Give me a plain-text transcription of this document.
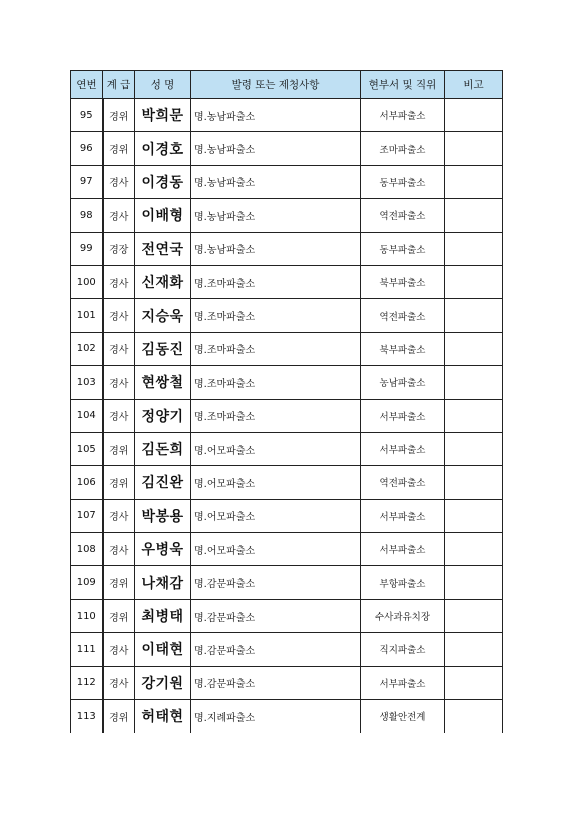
연번	계 급	성 명	발령 또는 제청사항	현부서 및 직위	비고
95	경위	박희문	명.농남파출소	서부파출소	
96	경위	이경호	명.농남파출소	조마파출소	
97	경사	이경동	명.농남파출소	동부파출소	
98	경사	이배형	명.농남파출소	역전파출소	
99	경장	전연국	명.농남파출소	동부파출소	
100	경사	신재화	명.조마파출소	북부파출소	
101	경사	지승욱	명.조마파출소	역전파출소	
102	경사	김동진	명.조마파출소	북부파출소	
103	경사	현쌍철	명.조마파출소	농남파출소	
104	경사	정양기	명.조마파출소	서부파출소	
105	경위	김돈희	명.어모파출소	서부파출소	
106	경위	김진완	명.어모파출소	역전파출소	
107	경사	박봉용	명.어모파출소	서부파출소	
108	경사	우병욱	명.어모파출소	서부파출소	
109	경위	나채감	명.감문파출소	부항파출소	
110	경위	최병태	명.감문파출소	수사과유치장	
111	경사	이태현	명.감문파출소	직지파출소	
112	경사	강기원	명.감문파출소	서부파출소	
113	경위	허태현	명.지례파출소	생활안전계	
